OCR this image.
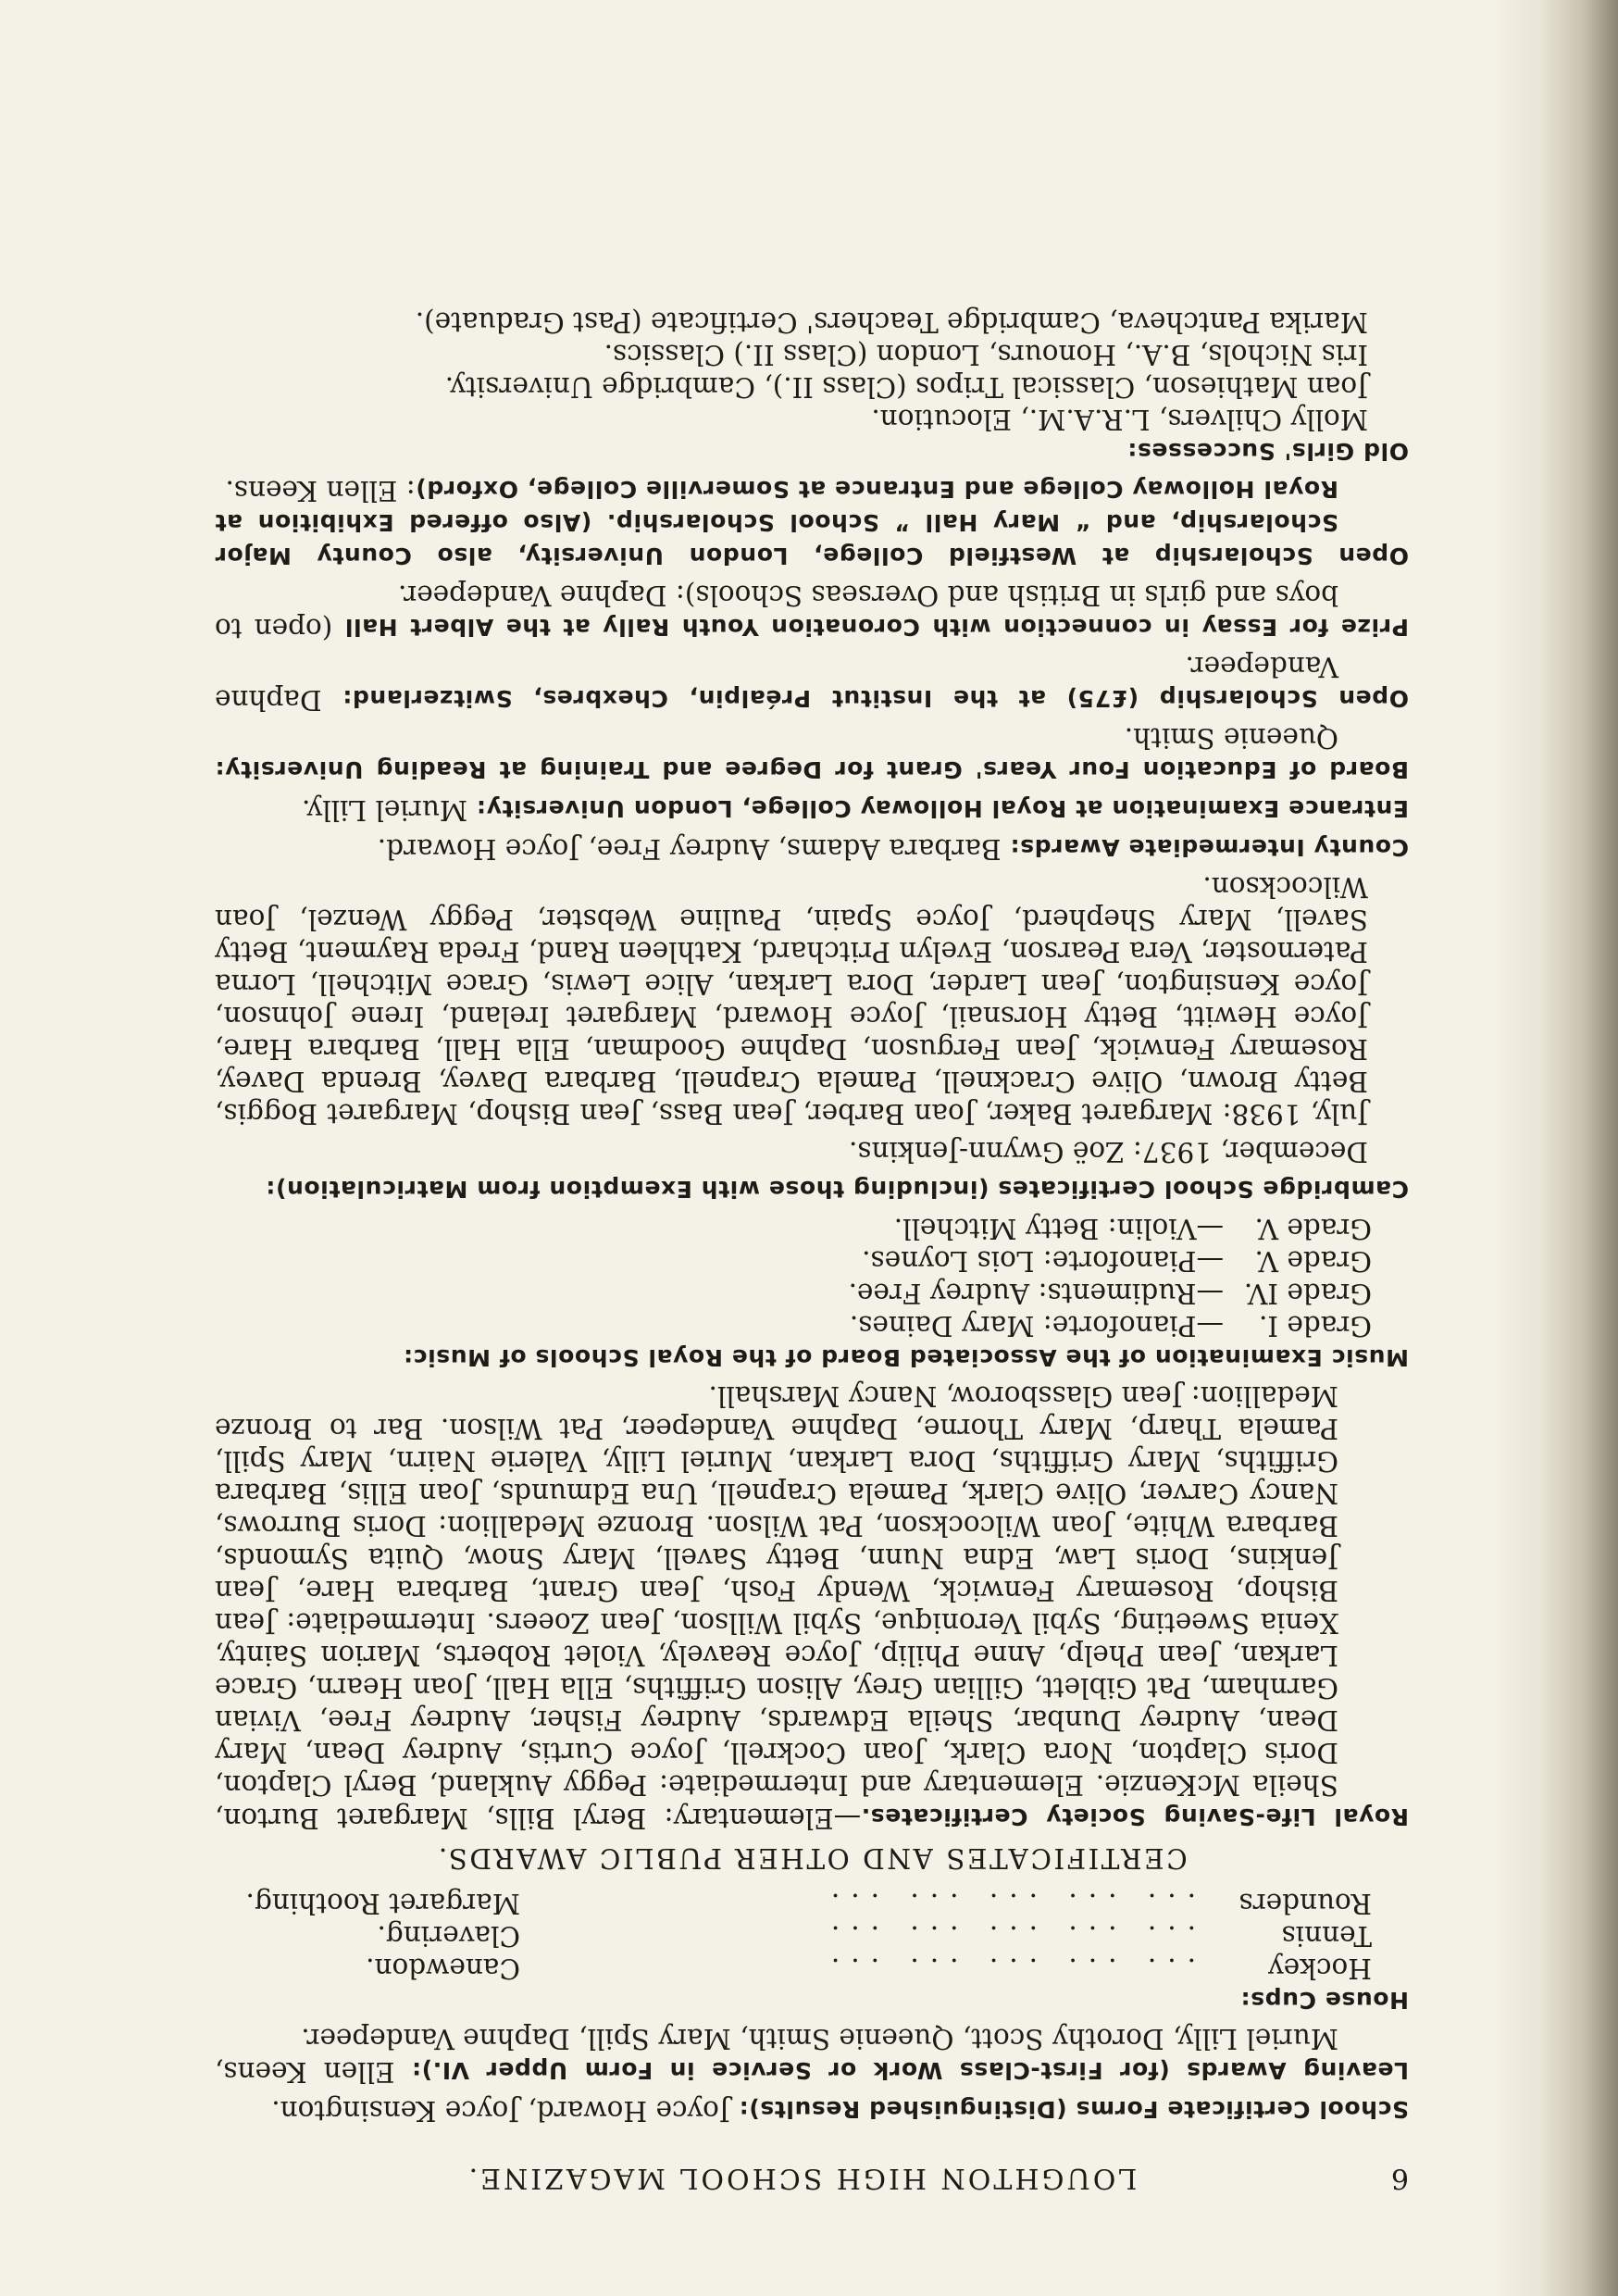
6
LOUGHTON HIGH SCHOOL MAGAZINE.

School Certificate Forms (Distinguished Results): Joyce Howard, Joyce Kensington.

Leaving Awards (for First-Class Work or Service in Form Upper VI.): Ellen Keens, Muriel Lilly, Dorothy Scott, Queenie Smith, Mary Spill, Daphne Vandepeer.

House Cups:
Hockey
... ... ... ... ...
Canewdon.
Tennis
... ... ... ... ...
Clavering.
Rounders
... ... ... ... ...
Margaret Roothing.
CERTIFICATES AND OTHER PUBLIC AWARDS.

Royal Life-Saving Society Certificates.—Elementary: Beryl Bills, Margaret Burton, Sheila McKenzie. Elementary and Intermediate: Peggy Aukland, Beryl Clapton, Doris Clapton, Nora Clark, Joan Cockrell, Joyce Curtis, Audrey Dean, Mary Dean, Audrey Dunbar, Sheila Edwards, Audrey Fisher, Audrey Free, Vivian Garnham, Pat Giblett, Gillian Grey, Alison Griffiths, Ella Hall, Joan Hearn, Grace Larkan, Jean Phelp, Anne Philip, Joyce Reavely, Violet Roberts, Marion Sainty, Xenia Sweeting, Sybil Veronique, Sybil Willson, Jean Zoeers. Intermediate: Jean Bishop, Rosemary Fenwick, Wendy Fosh, Jean Grant, Barbara Hare, Jean Jenkins, Doris Law, Edna Nunn, Betty Savell, Mary Snow, Quita Symonds, Barbara White, Joan Wilcockson, Pat Wilson. Bronze Medallion: Doris Burrows, Nancy Carver, Olive Clark, Pamela Crapnell, Una Edmunds, Joan Ellis, Barbara Griffiths, Mary Griffiths, Dora Larkan, Muriel Lilly, Valerie Nairn, Mary Spill, Pamela Tharp, Mary Thorne, Daphne Vandepeer, Pat Wilson. Bar to Bronze Medallion: Jean Glassborow, Nancy Marshall.

Music Examination of the Associated Board of the Royal Schools of Music:
Grade I.
—Pianoforte: Mary Daines.
Grade IV.
—Rudiments: Audrey Free.
Grade V.
—Pianoforte: Lois Loynes.
Grade V.
—Violin: Betty Mitchell.

Cambridge School Certificates (including those with Exemption from Matriculation):

December, 1937: Zoë Gwynn-Jenkins.

July, 1938: Margaret Baker, Joan Barber, Jean Bass, Jean Bishop, Margaret Boggis, Betty Brown, Olive Cracknell, Pamela Crapnell, Barbara Davey, Brenda Davey, Rosemary Fenwick, Jean Ferguson, Daphne Goodman, Ella Hall, Barbara Hare, Joyce Hewitt, Betty Horsnail, Joyce Howard, Margaret Ireland, Irene Johnson, Joyce Kensington, Jean Larder, Dora Larkan, Alice Lewis, Grace Mitchell, Lorna Paternoster, Vera Pearson, Evelyn Pritchard, Kathleen Rand, Freda Rayment, Betty Savell, Mary Shepherd, Joyce Spain, Pauline Webster, Peggy Wenzel, Joan Wilcockson.

County Intermediate Awards: Barbara Adams, Audrey Free, Joyce Howard.

Entrance Examination at Royal Holloway College, London University: Muriel Lilly.

Board of Education Four Years' Grant for Degree and Training at Reading University: Queenie Smith.

Open Scholarship (£75) at the Institut Préalpin, Chexbres, Switzerland: Daphne Vandepeer.

Prize for Essay in connection with Coronation Youth Rally at the Albert Hall (open to boys and girls in British and Overseas Schools): Daphne Vandepeer.

Open Scholarship at Westfield College, London University, also County Major Scholarship, and “ Mary Hall ” School Scholarship. (Also offered Exhibition at Royal Holloway College and Entrance at Somerville College, Oxford): Ellen Keens.

Old Girls' Successes:
Molly Chilvers, L.R.A.M., Elocution.
Joan Mathieson, Classical Tripos (Class II.), Cambridge University.
Iris Nichols, B.A., Honours, London (Class II.) Classics.
Marika Pantcheva, Cambridge Teachers' Certificate (Past Graduate).
